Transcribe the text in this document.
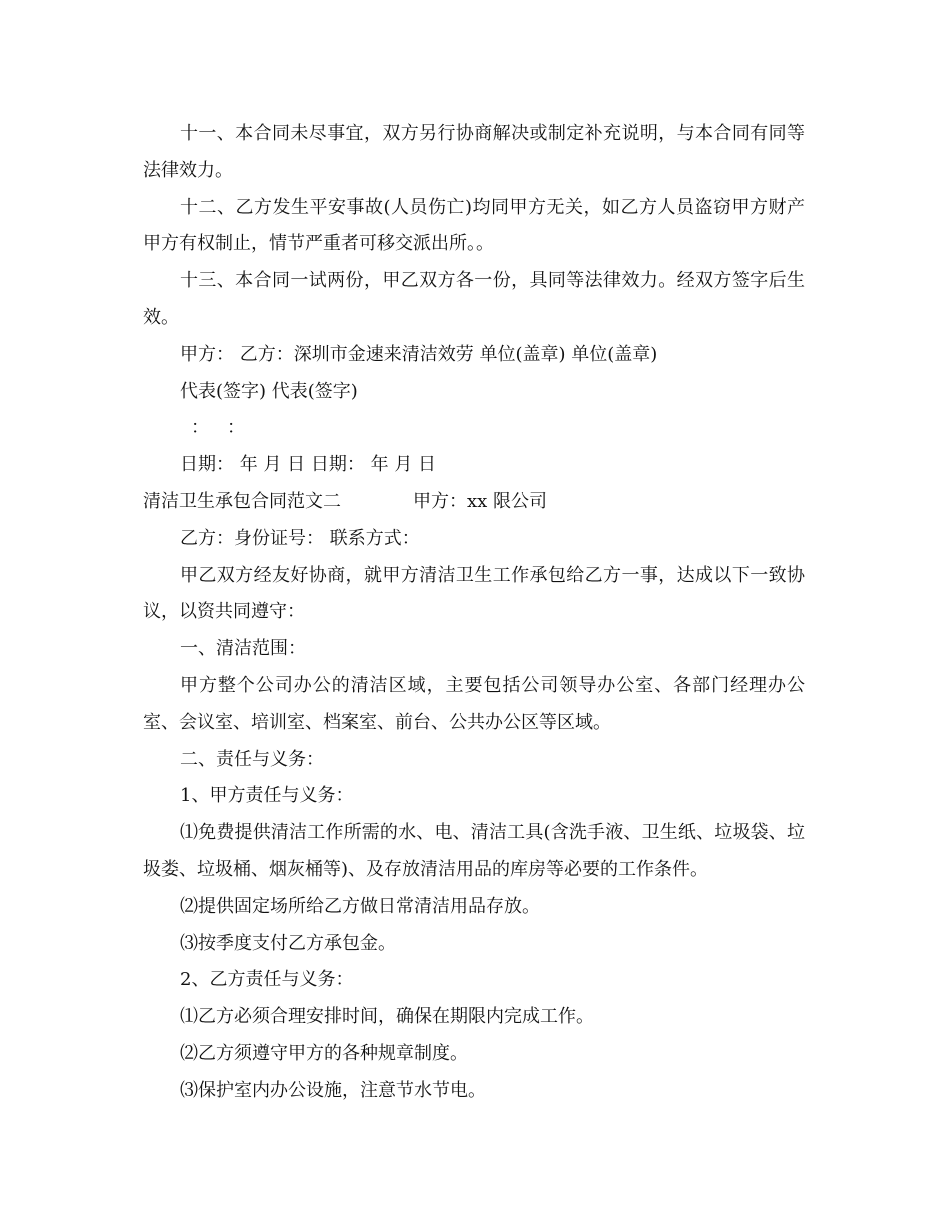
十一、本合同未尽事宜，双方另行协商解决或制定补充说明，与本合同有同等法律效力。

十二、乙方发生平安事故(人员伤亡)均同甲方无关，如乙方人员盗窃甲方财产甲方有权制止，情节严重者可移交派出所。。

十三、本合同一试两份，甲乙双方各一份，具同等法律效力。经双方签字后生效。

甲方： 乙方：深圳市金速来清洁效劳 单位(盖章) 单位(盖章)

代表(签字) 代表(签字)

： ：

日期： 年 月 日 日期： 年 月 日

清洁卫生承包合同范文二	甲方：xx 限公司

乙方：身份证号： 联系方式：

甲乙双方经友好协商，就甲方清洁卫生工作承包给乙方一事，达成以下一致协议，以资共同遵守：

一、清洁范围：

甲方整个公司办公的清洁区域，主要包括公司领导办公室、各部门经理办公室、会议室、培训室、档案室、前台、公共办公区等区域。

二、责任与义务：

1、甲方责任与义务：

⑴免费提供清洁工作所需的水、电、清洁工具(含洗手液、卫生纸、垃圾袋、垃圾娄、垃圾桶、烟灰桶等)、及存放清洁用品的库房等必要的工作条件。

⑵提供固定场所给乙方做日常清洁用品存放。

⑶按季度支付乙方承包金。

2、乙方责任与义务：

⑴乙方必须合理安排时间，确保在期限内完成工作。

⑵乙方须遵守甲方的各种规章制度。

⑶保护室内办公设施，注意节水节电。
